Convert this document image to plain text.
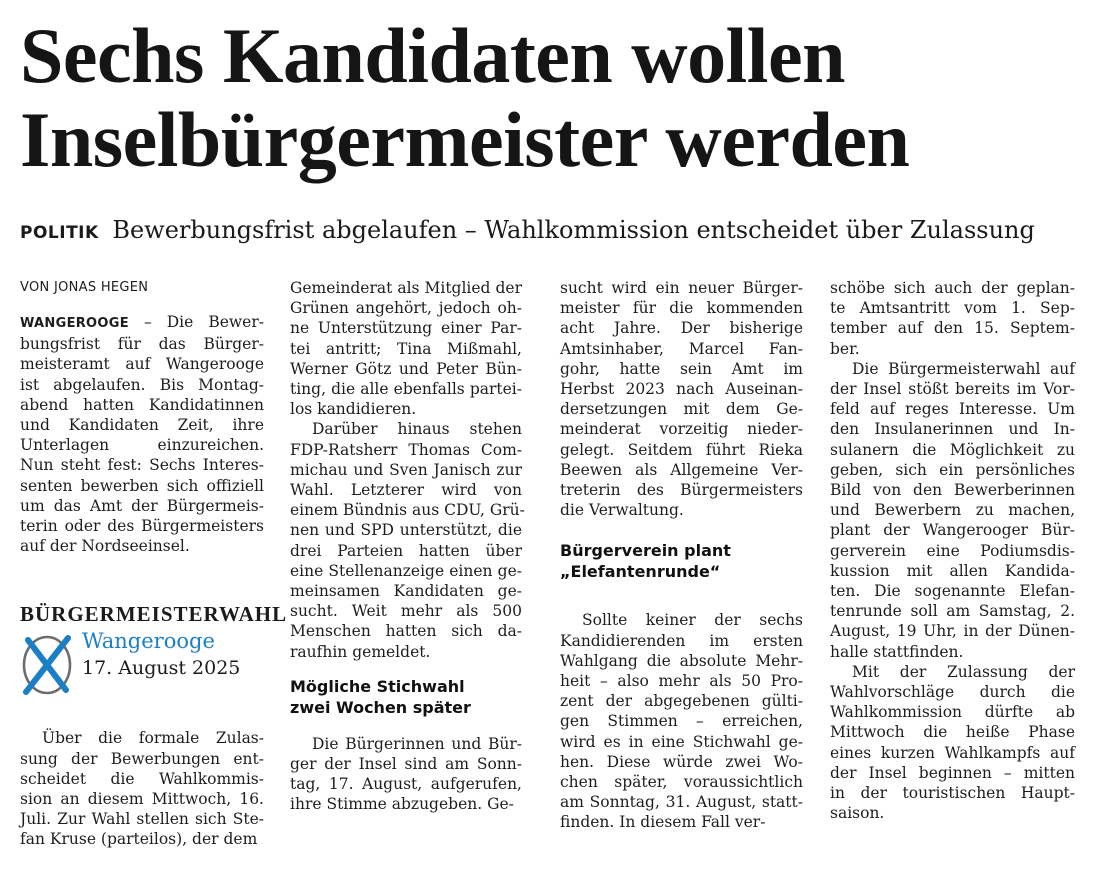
Sechs Kandidaten wollen
Inselbürgermeister werden
POLITIK Bewerbungsfrist abgelaufen – Wahlkommission entscheidet über Zulassung
VON JONAS HEGEN
WANGEROOGE – Die Bewer-
bungsfrist für das Bürger-
meisteramt auf Wangerooge
ist abgelaufen. Bis Montag-
abend hatten Kandidatinnen
und Kandidaten Zeit, ihre
Unterlagen einzureichen.
Nun steht fest: Sechs Interes-
senten bewerben sich offiziell
um das Amt der Bürgermeis-
terin oder des Bürgermeisters
auf der Nordseeinsel.
Über die formale Zulas-
sung der Bewerbungen ent-
scheidet die Wahlkommis-
sion an diesem Mittwoch, 16.
Juli. Zur Wahl stellen sich Ste-
fan Kruse (parteilos), der dem
BÜRGERMEISTERWAHL
Wangerooge
17. August 2025
Gemeinderat als Mitglied der
Grünen angehört, jedoch oh-
ne Unterstützung einer Par-
tei antritt; Tina Mißmahl,
Werner Götz und Peter Bün-
ting, die alle ebenfalls partei-
los kandidieren.
Darüber hinaus stehen
FDP-Ratsherr Thomas Com-
michau und Sven Janisch zur
Wahl. Letzterer wird von
einem Bündnis aus CDU, Grü-
nen und SPD unterstützt, die
drei Parteien hatten über
eine Stellenanzeige einen ge-
meinsamen Kandidaten ge-
sucht. Weit mehr als 500
Menschen hatten sich da-
raufhin gemeldet.
Mögliche Stichwahl
zwei Wochen später
Die Bürgerinnen und Bür-
ger der Insel sind am Sonn-
tag, 17. August, aufgerufen,
ihre Stimme abzugeben. Ge-
sucht wird ein neuer Bürger-
meister für die kommenden
acht Jahre. Der bisherige
Amtsinhaber, Marcel Fan-
gohr, hatte sein Amt im
Herbst 2023 nach Auseinan-
dersetzungen mit dem Ge-
meinderat vorzeitig nieder-
gelegt. Seitdem führt Rieka
Beewen als Allgemeine Ver-
treterin des Bürgermeisters
die Verwaltung.
Bürgerverein plant
„Elefantenrunde“
Sollte keiner der sechs
Kandidierenden im ersten
Wahlgang die absolute Mehr-
heit – also mehr als 50 Pro-
zent der abgegebenen gülti-
gen Stimmen – erreichen,
wird es in eine Stichwahl ge-
hen. Diese würde zwei Wo-
chen später, voraussichtlich
am Sonntag, 31. August, statt-
finden. In diesem Fall ver-
schöbe sich auch der geplan-
te Amtsantritt vom 1. Sep-
tember auf den 15. Septem-
ber.
Die Bürgermeisterwahl auf
der Insel stößt bereits im Vor-
feld auf reges Interesse. Um
den Insulanerinnen und In-
sulanern die Möglichkeit zu
geben, sich ein persönliches
Bild von den Bewerberinnen
und Bewerbern zu machen,
plant der Wangerooger Bür-
gerverein eine Podiumsdis-
kussion mit allen Kandida-
ten. Die sogenannte Elefan-
tenrunde soll am Samstag, 2.
August, 19 Uhr, in der Dünen-
halle stattfinden.
Mit der Zulassung der
Wahlvorschläge durch die
Wahlkommission dürfte ab
Mittwoch die heiße Phase
eines kurzen Wahlkampfs auf
der Insel beginnen – mitten
in der touristischen Haupt-
saison.
